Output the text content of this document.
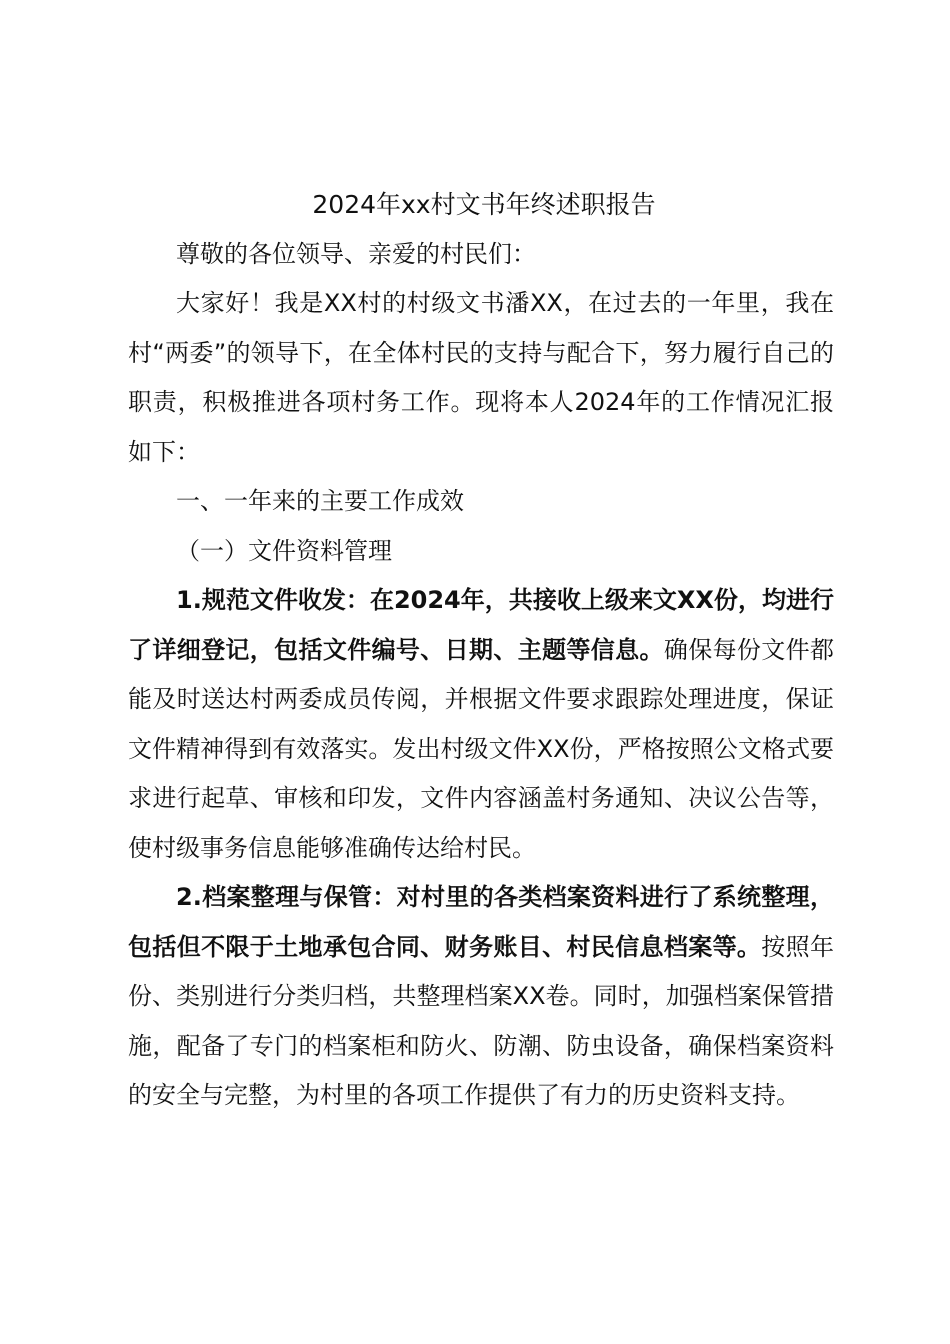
2024年xx村文书年终述职报告

尊敬的各位领导、亲爱的村民们：

大家好！我是XX村的村级文书潘XX，在过去的一年里，我在村“两委”的领导下，在全体村民的支持与配合下，努力履行自己的职责，积极推进各项村务工作。现将本人2024年的工作情况汇报如下：

一、一年来的主要工作成效

（一）文件资料管理

1.规范文件收发：在2024年，共接收上级来文XX份，均进行了详细登记，包括文件编号、日期、主题等信息。确保每份文件都能及时送达村两委成员传阅，并根据文件要求跟踪处理进度，保证文件精神得到有效落实。发出村级文件XX份，严格按照公文格式要求进行起草、审核和印发，文件内容涵盖村务通知、决议公告等，使村级事务信息能够准确传达给村民。

2.档案整理与保管：对村里的各类档案资料进行了系统整理，包括但不限于土地承包合同、财务账目、村民信息档案等。按照年份、类别进行分类归档，共整理档案XX卷。同时，加强档案保管措施，配备了专门的档案柜和防火、防潮、防虫设备，确保档案资料的安全与完整，为村里的各项工作提供了有力的历史资料支持。
